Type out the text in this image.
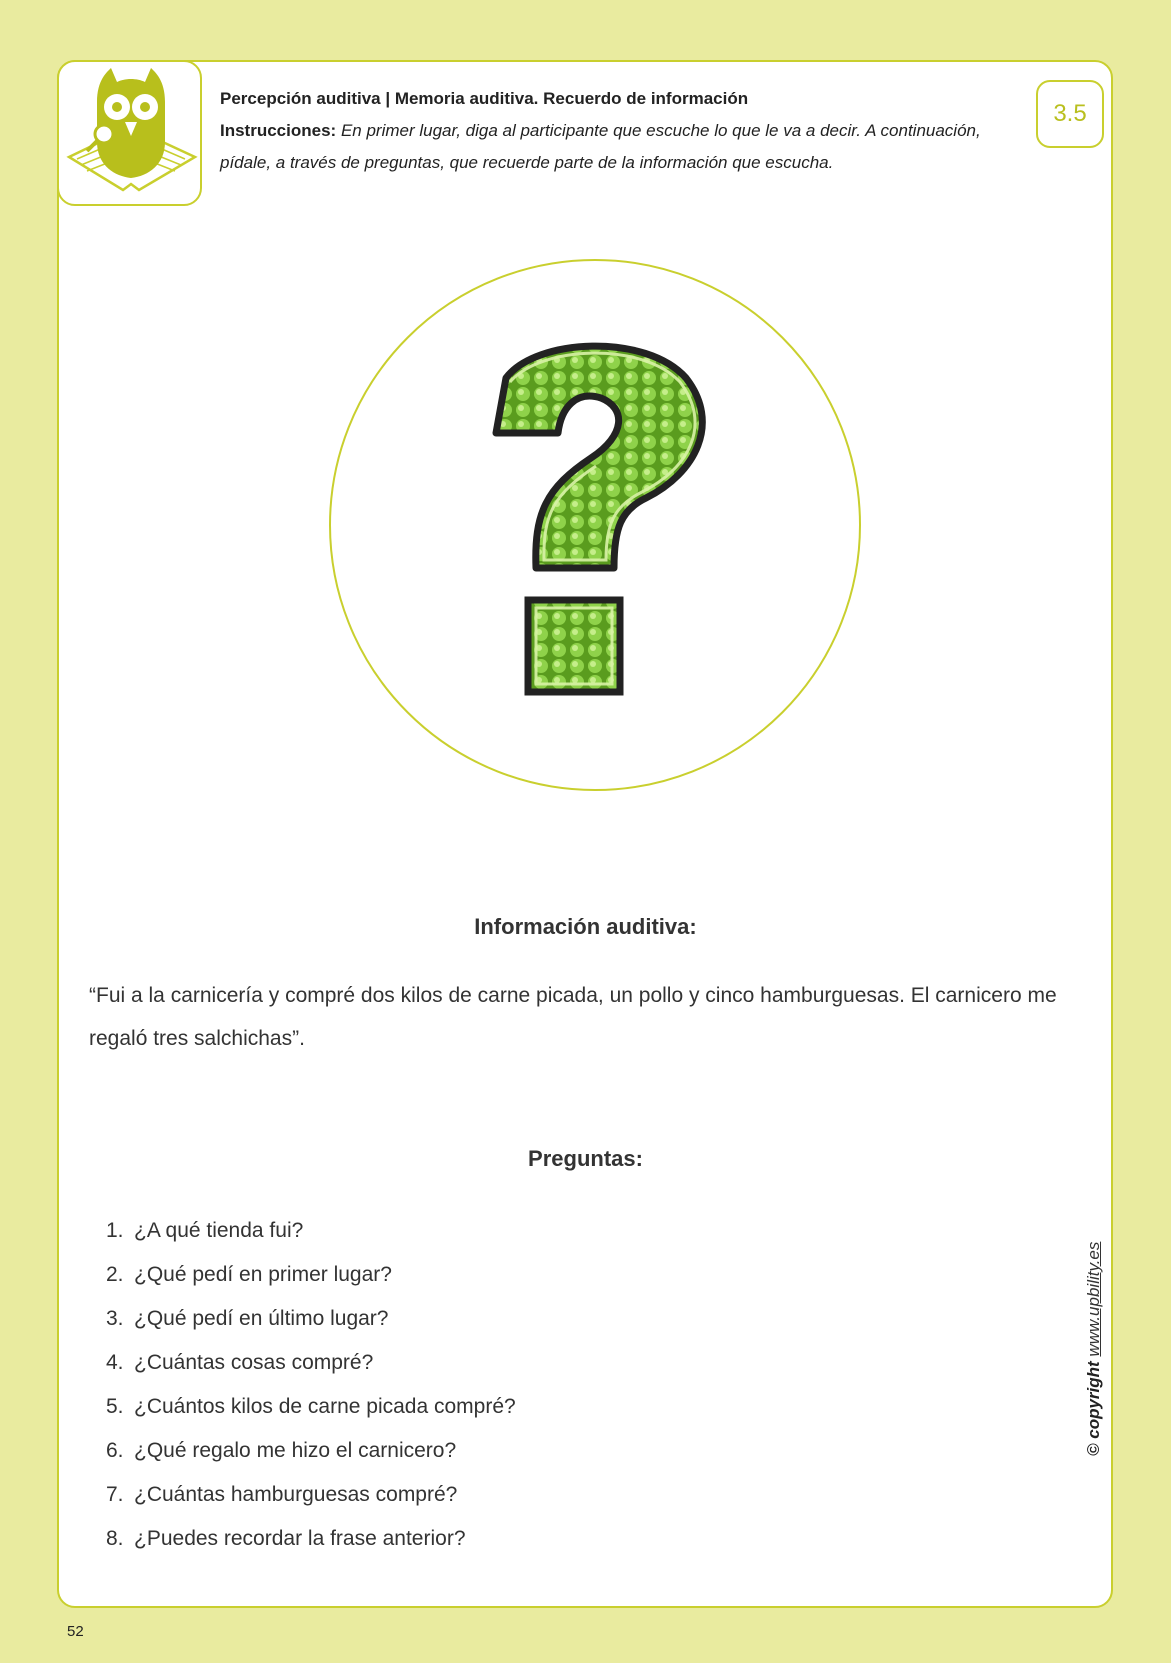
Percepción auditiva | Memoria auditiva. Recuerdo de información
Instrucciones: En primer lugar, diga al participante que escuche lo que le va a decir. A continuación, pídale, a través de preguntas, que recuerde parte de la información que escucha.
3.5
Información auditiva:
“Fui a la carnicería y compré dos kilos de carne picada, un pollo y cinco hamburguesas. El carnicero me regaló tres salchichas”.
Preguntas:
1. ¿A qué tienda fui?
2. ¿Qué pedí en primer lugar?
3. ¿Qué pedí en último lugar?
4. ¿Cuántas cosas compré?
5. ¿Cuántos kilos de carne picada compré?
6. ¿Qué regalo me hizo el carnicero?
7. ¿Cuántas hamburguesas compré?
8. ¿Puedes recordar la frase anterior?
© copyright www.upbility.es
52
